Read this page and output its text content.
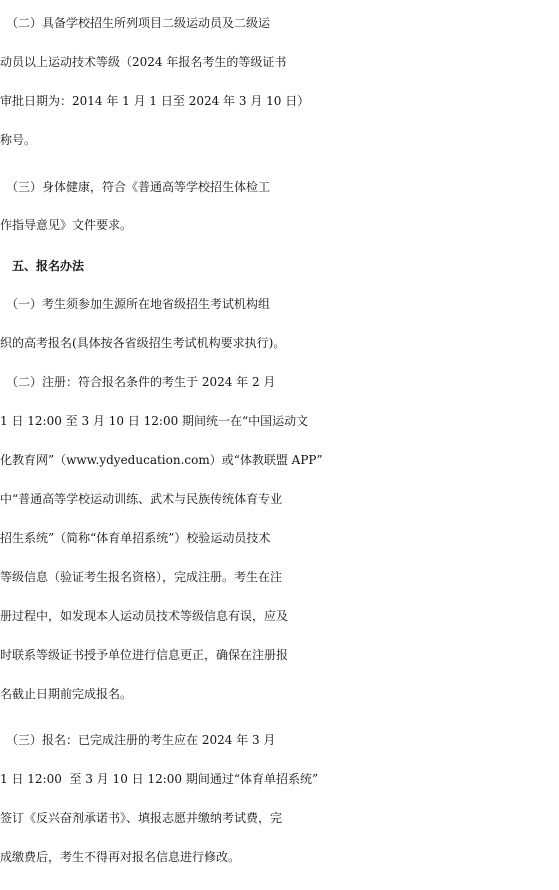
　（二）具备学校招生所列项目二级运动员及二级运
动员以上运动技术等级（2024 年报名考生的等级证书
审批日期为：2014 年 1 月 1 日至 2024 年 3 月 10 日）
称号。
　（三）身体健康，符合《普通高等学校招生体检工
作指导意见》文件要求。
　五、报名办法
　（一）考生须参加生源所在地省级招生考试机构组
织的高考报名(具体按各省级招生考试机构要求执行)。
　（二）注册：符合报名条件的考生于 2024 年 2 月
1 日 12:00 至 3 月 10 日 12:00 期间统一在“中国运动文
化教育网”（www.ydyeducation.com）或“体教联盟 APP”
中“普通高等学校运动训练、武术与民族传统体育专业
招生系统”（简称“体育单招系统”）校验运动员技术
等级信息（验证考生报名资格），完成注册。考生在注
册过程中，如发现本人运动员技术等级信息有误，应及
时联系等级证书授予单位进行信息更正，确保在注册报
名截止日期前完成报名。
　（三）报名：已完成注册的考生应在 2024 年 3 月
1 日 12:00  至 3 月 10 日 12:00 期间通过“体育单招系统”
签订《反兴奋剂承诺书》、填报志愿并缴纳考试费，完
成缴费后，考生不得再对报名信息进行修改。
